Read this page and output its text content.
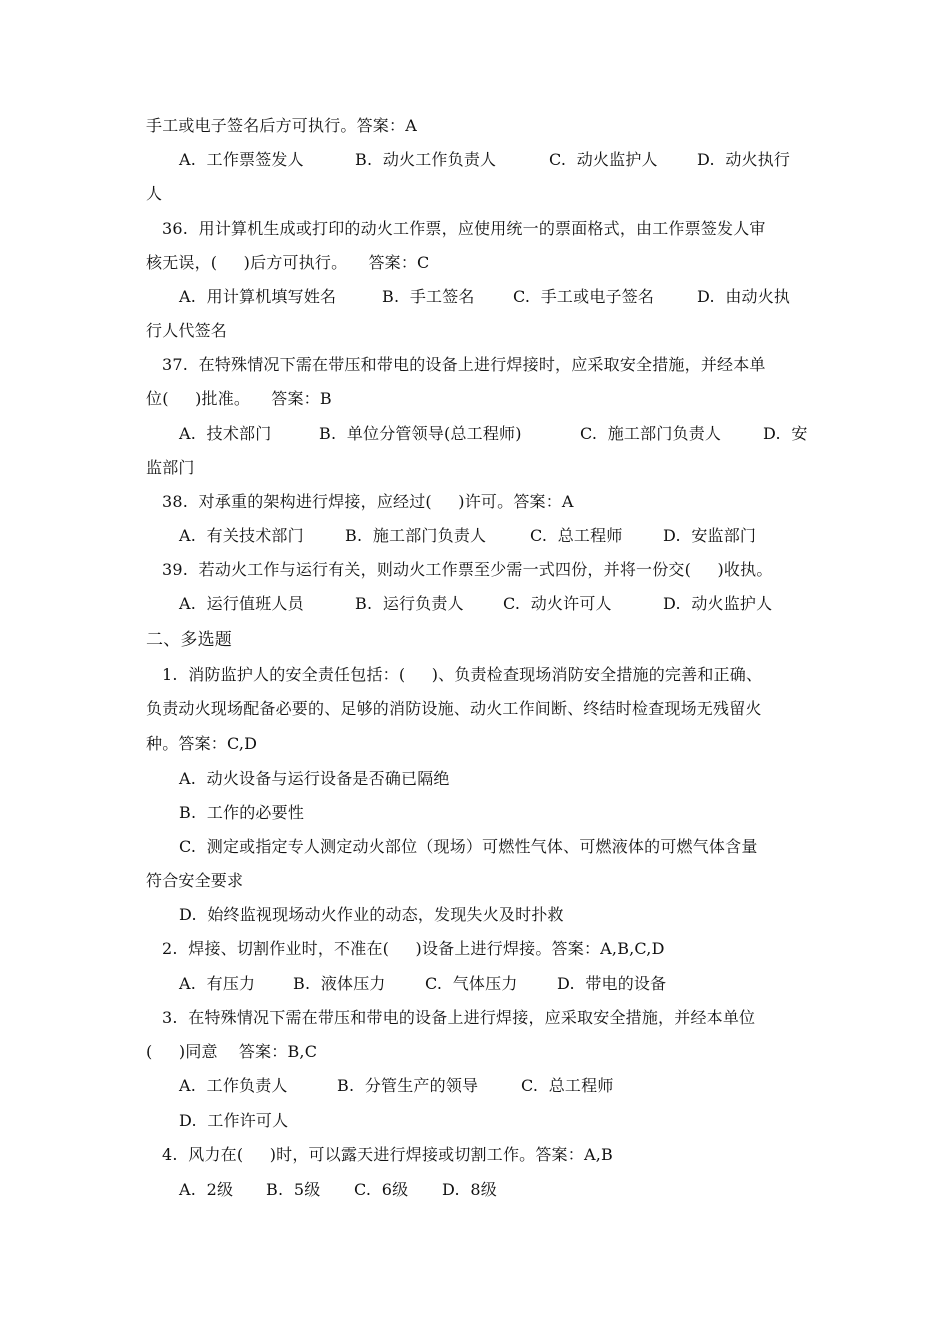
手工或电子签名后方可执行。答案：A

A.  工作票签发人

	B.  动火工作负责人

	C.  动火监护人

D.  动火执行

人
36.  用计算机生成或打印的动火工作票，应使用统一的票面格式，由工作票签发人审
核无误，(     )后方可执行。    答案：C

A.  用计算机填写姓名

	B.  手工签名

C.  手工或电子签名

	D.  由动火执

行人代签名
37.  在特殊情况下需在带压和带电的设备上进行焊接时，应采取安全措施，并经本单
位(     )批准。    答案：B

A.  技术部门

	B.  单位分管领导(总工程师)

	C.  施工部门负责人

	D.  安

监部门
38.  对承重的架构进行焊接，应经过(     )许可。答案：A

A.  有关技术部门

	B.  施工部门负责人

	C.  总工程师

	D.  安监部门

39.  若动火工作与运行有关，则动火工作票至少需一式四份，并将一份交(     )收执。

A.  运行值班人员

	B.  运行负责人

C.  动火许可人

	D.  动火监护人

二、多选题
1.  消防监护人的安全责任包括：(     )、负责检查现场消防安全措施的完善和正确、
负责动火现场配备必要的、足够的消防设施、动火工作间断、终结时检查现场无残留火
种。答案：C,D
A.  动火设备与运行设备是否确已隔绝
B.  工作的必要性
C.  测定或指定专人测定动火部位（现场）可燃性气体、可燃液体的可燃气体含量
符合安全要求
D.  始终监视现场动火作业的动态，发现失火及时扑救
2.  焊接、切割作业时，不准在(     )设备上进行焊接。答案：A,B,C,D

A.  有压力

B.  液体压力

C.  气体压力

D.  带电的设备

3.  在特殊情况下需在带压和带电的设备上进行焊接，应采取安全措施，并经本单位
(     )同意    答案：B,C

A.  工作负责人

	B.  分管生产的领导

	C.  总工程师

D.  工作许可人
4.  风力在(     )时，可以露天进行焊接或切割工作。答案：A,B

A.  2级

B.  5级

C.  6级

D.  8级
